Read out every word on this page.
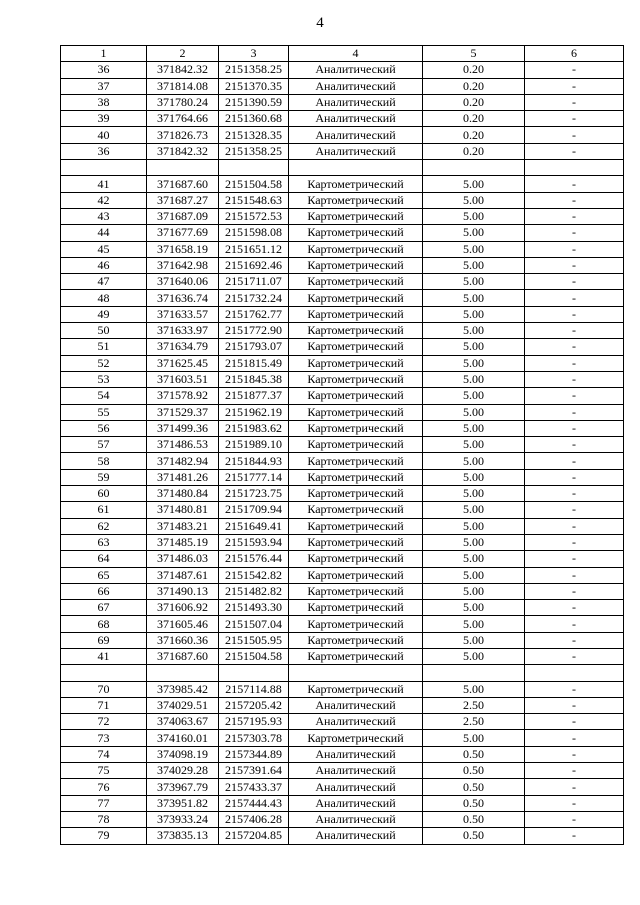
4
1	2	3	4	5	6
36	371842.32	2151358.25	Аналитический	0.20	-
37	371814.08	2151370.35	Аналитический	0.20	-
38	371780.24	2151390.59	Аналитический	0.20	-
39	371764.66	2151360.68	Аналитический	0.20	-
40	371826.73	2151328.35	Аналитический	0.20	-
36	371842.32	2151358.25	Аналитический	0.20	-

41	371687.60	2151504.58	Картометрический	5.00	-
42	371687.27	2151548.63	Картометрический	5.00	-
43	371687.09	2151572.53	Картометрический	5.00	-
44	371677.69	2151598.08	Картометрический	5.00	-
45	371658.19	2151651.12	Картометрический	5.00	-
46	371642.98	2151692.46	Картометрический	5.00	-
47	371640.06	2151711.07	Картометрический	5.00	-
48	371636.74	2151732.24	Картометрический	5.00	-
49	371633.57	2151762.77	Картометрический	5.00	-
50	371633.97	2151772.90	Картометрический	5.00	-
51	371634.79	2151793.07	Картометрический	5.00	-
52	371625.45	2151815.49	Картометрический	5.00	-
53	371603.51	2151845.38	Картометрический	5.00	-
54	371578.92	2151877.37	Картометрический	5.00	-
55	371529.37	2151962.19	Картометрический	5.00	-
56	371499.36	2151983.62	Картометрический	5.00	-
57	371486.53	2151989.10	Картометрический	5.00	-
58	371482.94	2151844.93	Картометрический	5.00	-
59	371481.26	2151777.14	Картометрический	5.00	-
60	371480.84	2151723.75	Картометрический	5.00	-
61	371480.81	2151709.94	Картометрический	5.00	-
62	371483.21	2151649.41	Картометрический	5.00	-
63	371485.19	2151593.94	Картометрический	5.00	-
64	371486.03	2151576.44	Картометрический	5.00	-
65	371487.61	2151542.82	Картометрический	5.00	-
66	371490.13	2151482.82	Картометрический	5.00	-
67	371606.92	2151493.30	Картометрический	5.00	-
68	371605.46	2151507.04	Картометрический	5.00	-
69	371660.36	2151505.95	Картометрический	5.00	-
41	371687.60	2151504.58	Картометрический	5.00	-

70	373985.42	2157114.88	Картометрический	5.00	-
71	374029.51	2157205.42	Аналитический	2.50	-
72	374063.67	2157195.93	Аналитический	2.50	-
73	374160.01	2157303.78	Картометрический	5.00	-
74	374098.19	2157344.89	Аналитический	0.50	-
75	374029.28	2157391.64	Аналитический	0.50	-
76	373967.79	2157433.37	Аналитический	0.50	-
77	373951.82	2157444.43	Аналитический	0.50	-
78	373933.24	2157406.28	Аналитический	0.50	-
79	373835.13	2157204.85	Аналитический	0.50	-
